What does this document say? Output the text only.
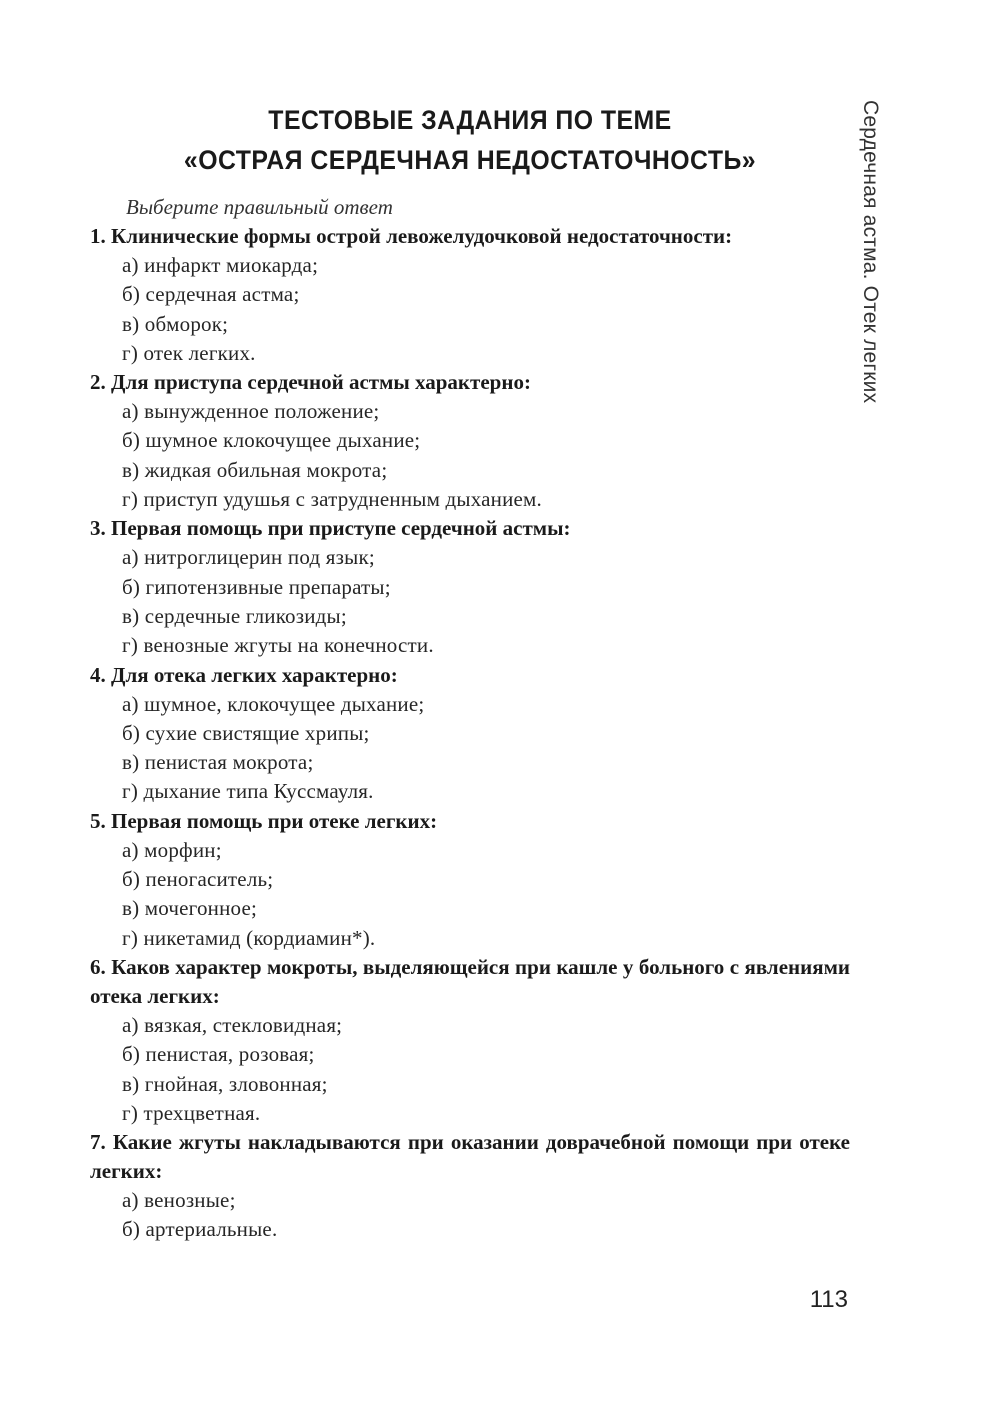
ТЕСТОВЫЕ ЗАДАНИЯ ПО ТЕМЕ
«ОСТРАЯ СЕРДЕЧНАЯ НЕДОСТАТОЧНОСТЬ»	Сердечная астма. Отек легких

Выберите правильный ответ

1. Клинические формы острой левожелудочковой недостаточности:

а) инфаркт миокарда;
б) сердечная астма;
в) обморок;
г) отек легких.

2. Для приступа сердечной астмы характерно:

а) вынужденное положение;
б) шумное клокочущее дыхание;
в) жидкая обильная мокрота;
г) приступ удушья с затрудненным дыханием.

3. Первая помощь при приступе сердечной астмы:

а) нитроглицерин под язык;
б) гипотензивные препараты;
в) сердечные гликозиды;
г) венозные жгуты на конечности.

4. Для отека легких характерно:

а) шумное, клокочущее дыхание;
б) сухие свистящие хрипы;
в) пенистая мокрота;
г) дыхание типа Куссмауля.

5. Первая помощь при отеке легких:

а) морфин;
б) пеногаситель;
в) мочегонное;
г) никетамид (кордиамин*).

6. Каков характер мокроты, выделяющейся при кашле у больного с явлениями отека легких:

а) вязкая, стекловидная;
б) пенистая, розовая;
в) гнойная, зловонная;
г) трехцветная.

7. Какие жгуты накладываются при оказании доврачебной помощи при отеке легких:

а) венозные;
б) артериальные.

113
